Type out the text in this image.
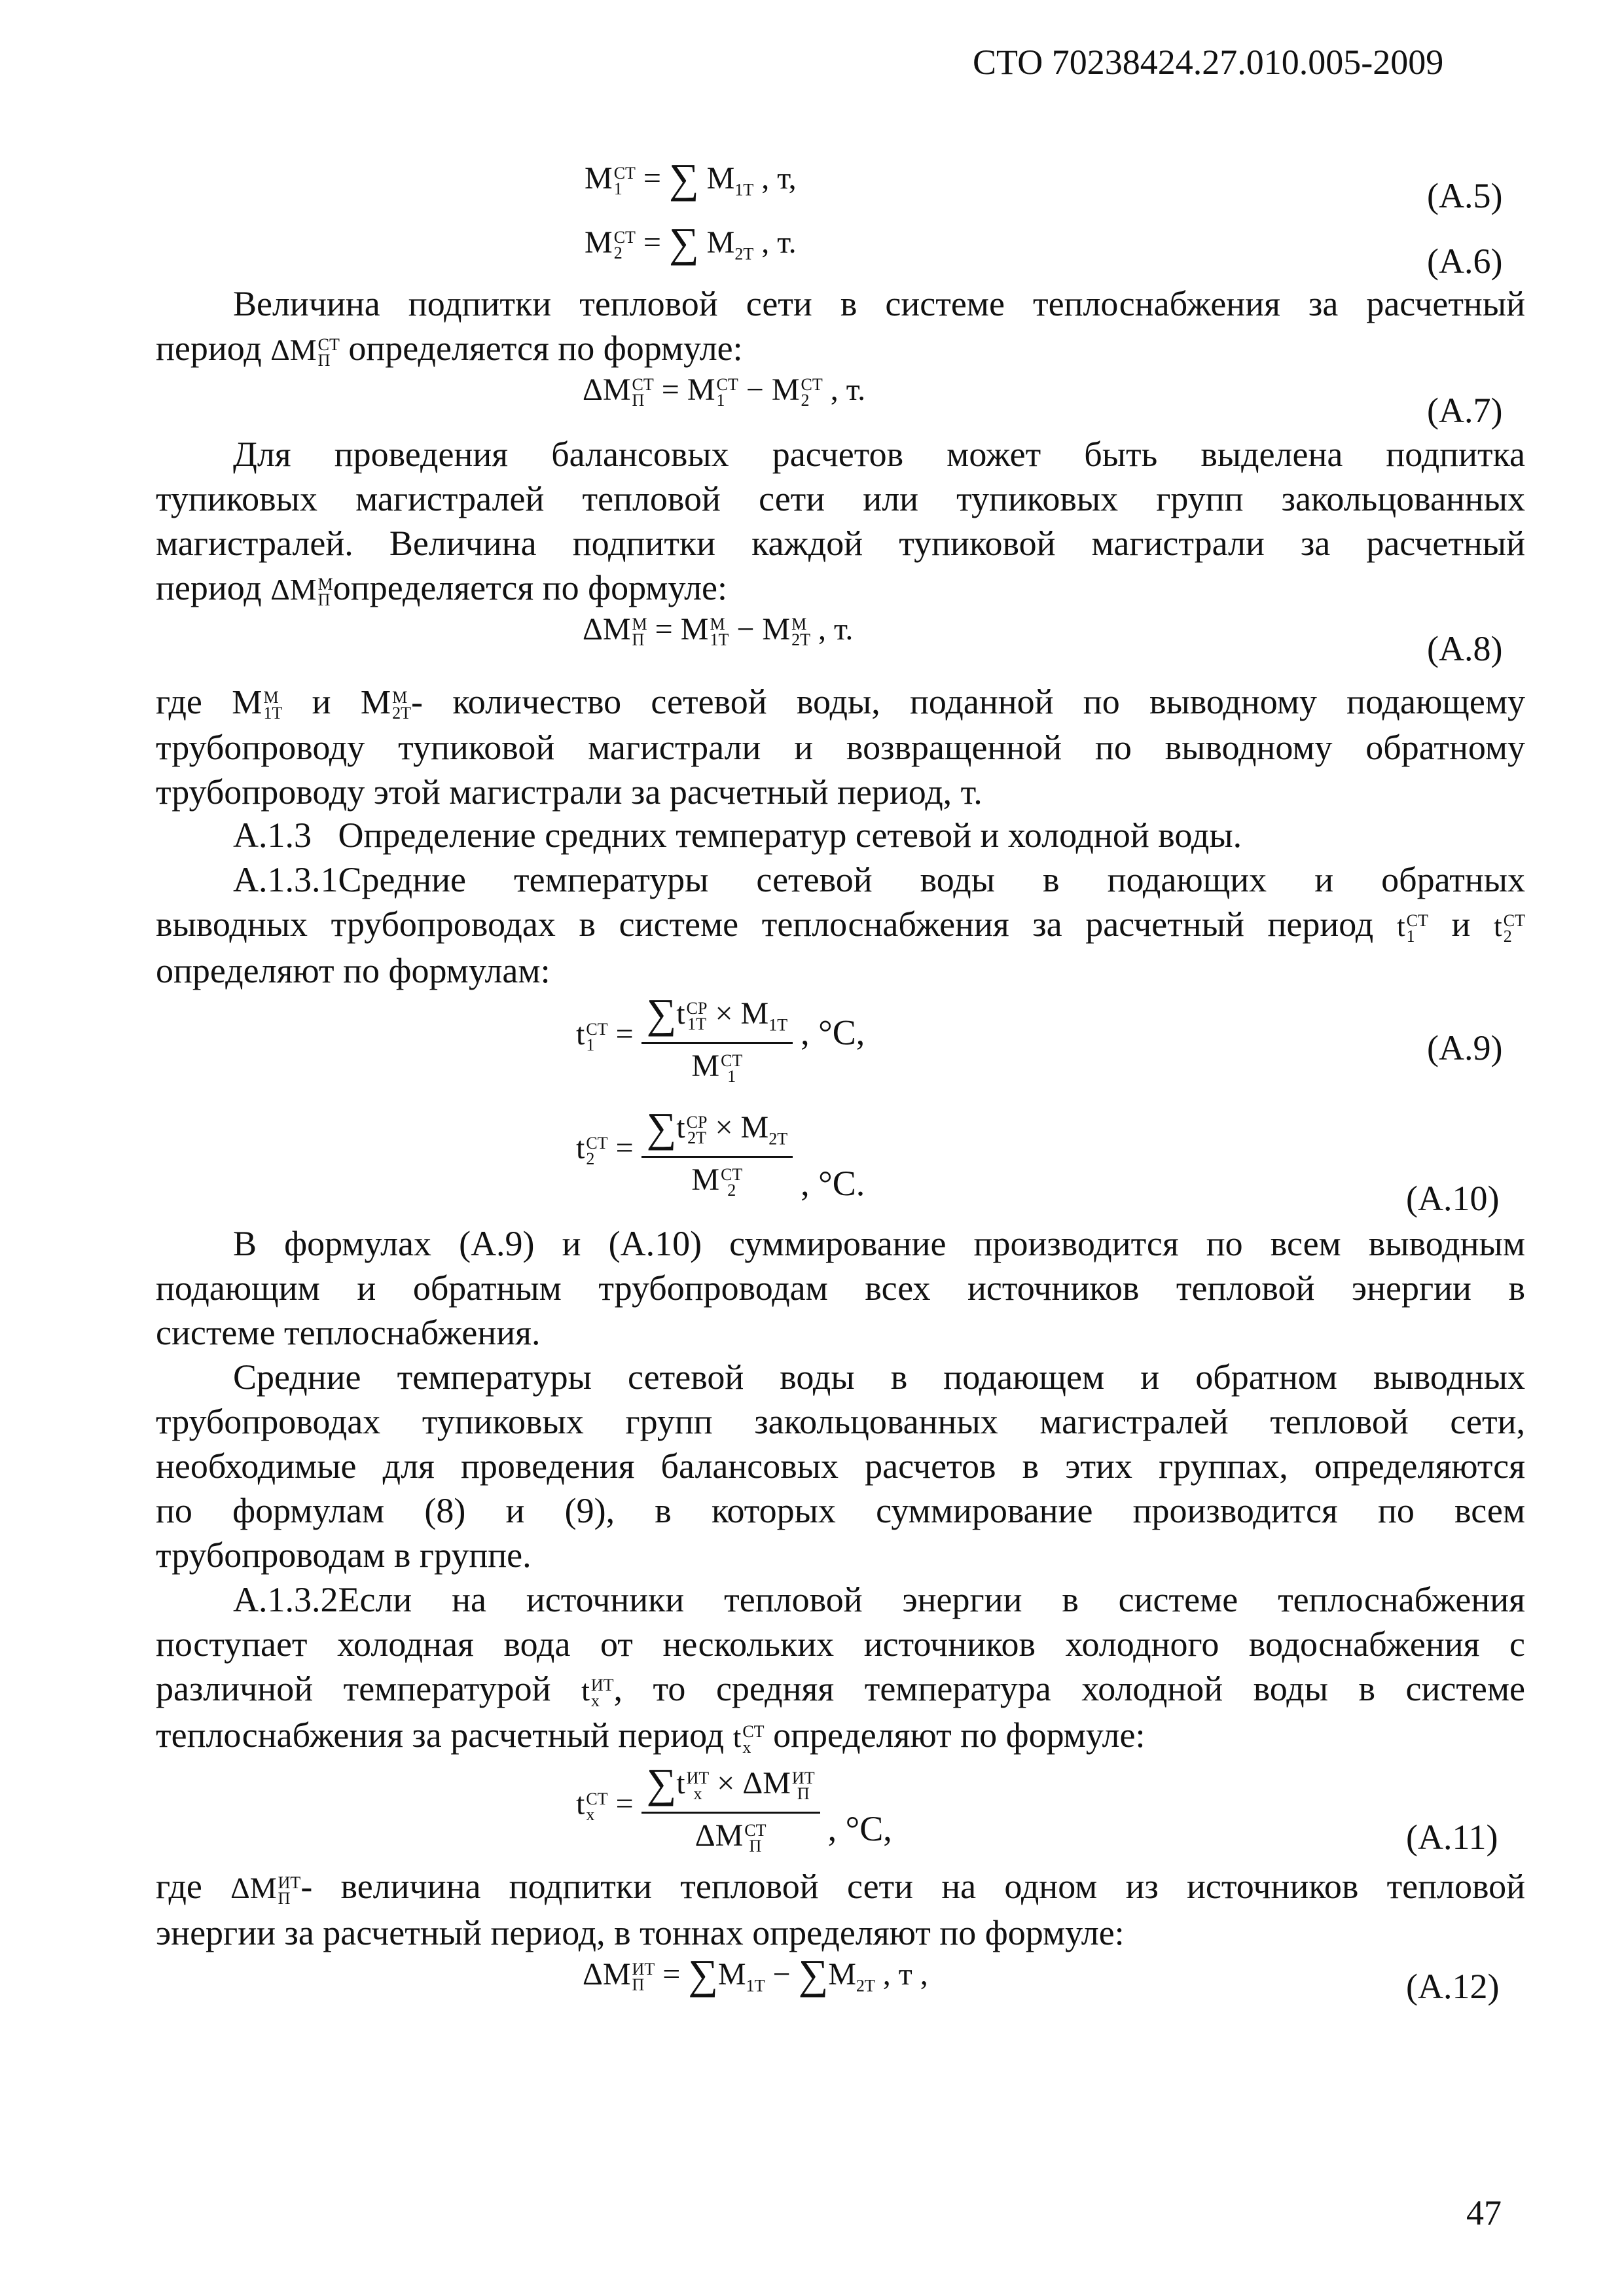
СТО 70238424.27.010.005-2009
M СТ
1 = ∑ $M_{1Т}$ , т,	(А.5)
M СТ
2 = ∑ $M_{2Т}$ , т.	(А.6)
Величина подпитки тепловой сети в системе теплоснабжения за расчетный
период ΔM СТ
П определяется по формуле:
ΔM СТ
П = M СТ
1 − M СТ
2 , т.
(А.7)
Для проведения балансовых расчетов может быть выделена подпитка
тупиковых магистралей тепловой сети или тупиковых групп закольцованных
магистралей. Величина подпитки каждой тупиковой магистрали за расчетный
период ΔM М
П определяется по формуле:
ΔM М
П = M М
1Т − M М
2Т , т.	(А.8)
где M М
1Т и M М
2Т - количество сетевой воды, поданной по выводному подающему
трубопроводу тупиковой магистрали и возвращенной по выводному обратному
трубопроводу этой магистрали за расчетный период, т.
А.1.3   Определение средних температур сетевой и холодной воды.
А.1.3.1Средние температуры сетевой воды в подающих и обратных
выводных трубопроводах в системе теплоснабжения за расчетный период t СТ
1	и t СТ
2
определяют по формулам:
t СТ
1 = ∑t СР
$1Т \times M_{1Т}$
M СТ
1 , °С,	(А.9)
t СТ
2 = ∑t СР
$2Т \times M_{2Т}$
M СТ
2 , °С.	(А.10)
В формулах (А.9) и (А.10) суммирование производится по всем выводным
подающим и обратным трубопроводам всех источников тепловой энергии в
системе теплоснабжения.
Средние температуры сетевой воды в подающем и обратном выводных
трубопроводах тупиковых групп закольцованных магистралей тепловой сети,
необходимые для проведения балансовых расчетов в этих группах, определяются
по формулам (8) и (9), в которых суммирование производится по всем
трубопроводам в группе.
А.1.3.2Если на источники тепловой энергии в системе теплоснабжения
поступает холодная вода от нескольких источников холодного водоснабжения с
различной температурой t ИТ
х , то средняя температура холодной воды в системе
теплоснабжения за расчетный период t СТ
х определяют по формуле:
t СТ
х = ∑t ИТ
х × ΔM ИТ
П
ΔM СТ
П , °С,	(А.11)
где ΔM ИТ
П - величина подпитки тепловой сети на одном из источников тепловой
энергии за расчетный период, в тоннах определяют по формуле:
ΔM ИТ
$П = \sum M_{1Т} - \sum M_{2Т}$ , т ,	(А.12)
47
